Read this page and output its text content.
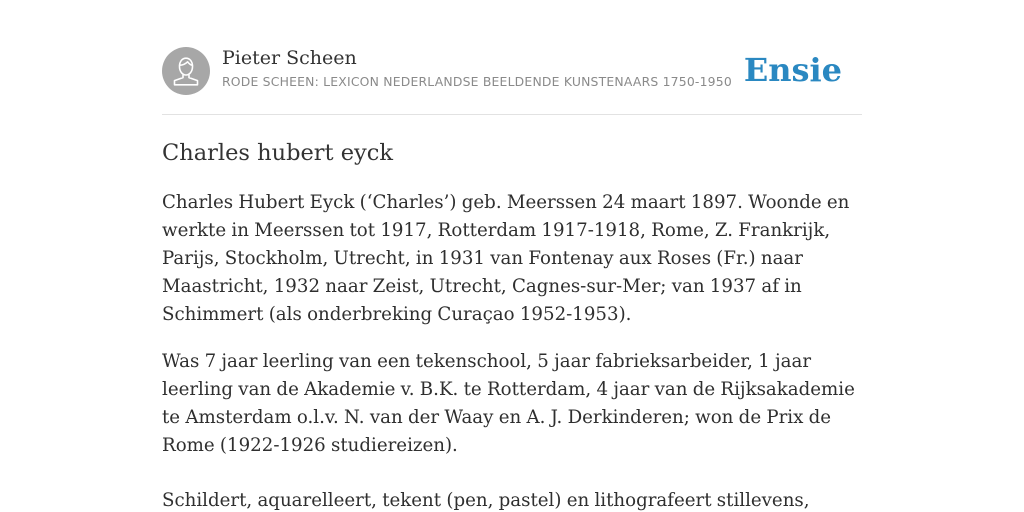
Pieter Scheen
RODE SCHEEN: LEXICON NEDERLANDSE BEELDENDE KUNSTENAARS 1750-1950 Ensie
Charles hubert eyck

Charles Hubert Eyck (‘Charles’) geb. Meerssen 24 maart 1897. Woonde en werkte in Meerssen tot 1917, Rotterdam 1917-1918, Rome, Z. Frankrijk, Parijs, Stockholm, Utrecht, in 1931 van Fontenay aux Roses (Fr.) naar Maastricht, 1932 naar Zeist, Utrecht, Cagnes-sur-Mer; van 1937 af in Schimmert (als onderbreking Curaçao 1952-1953).

Was 7 jaar leerling van een tekenschool, 5 jaar fabrieksarbeider, 1 jaar leerling van de Akademie v. B.K. te Rotterdam, 4 jaar van de Rijksakademie te Amsterdam o.l.v. N. van der Waay en A. J. Derkinderen; won de Prix de Rome (1922-1926 studiereizen).

Schildert, aquarelleert, tekent (pen, pastel) en lithografeert stillevens,
